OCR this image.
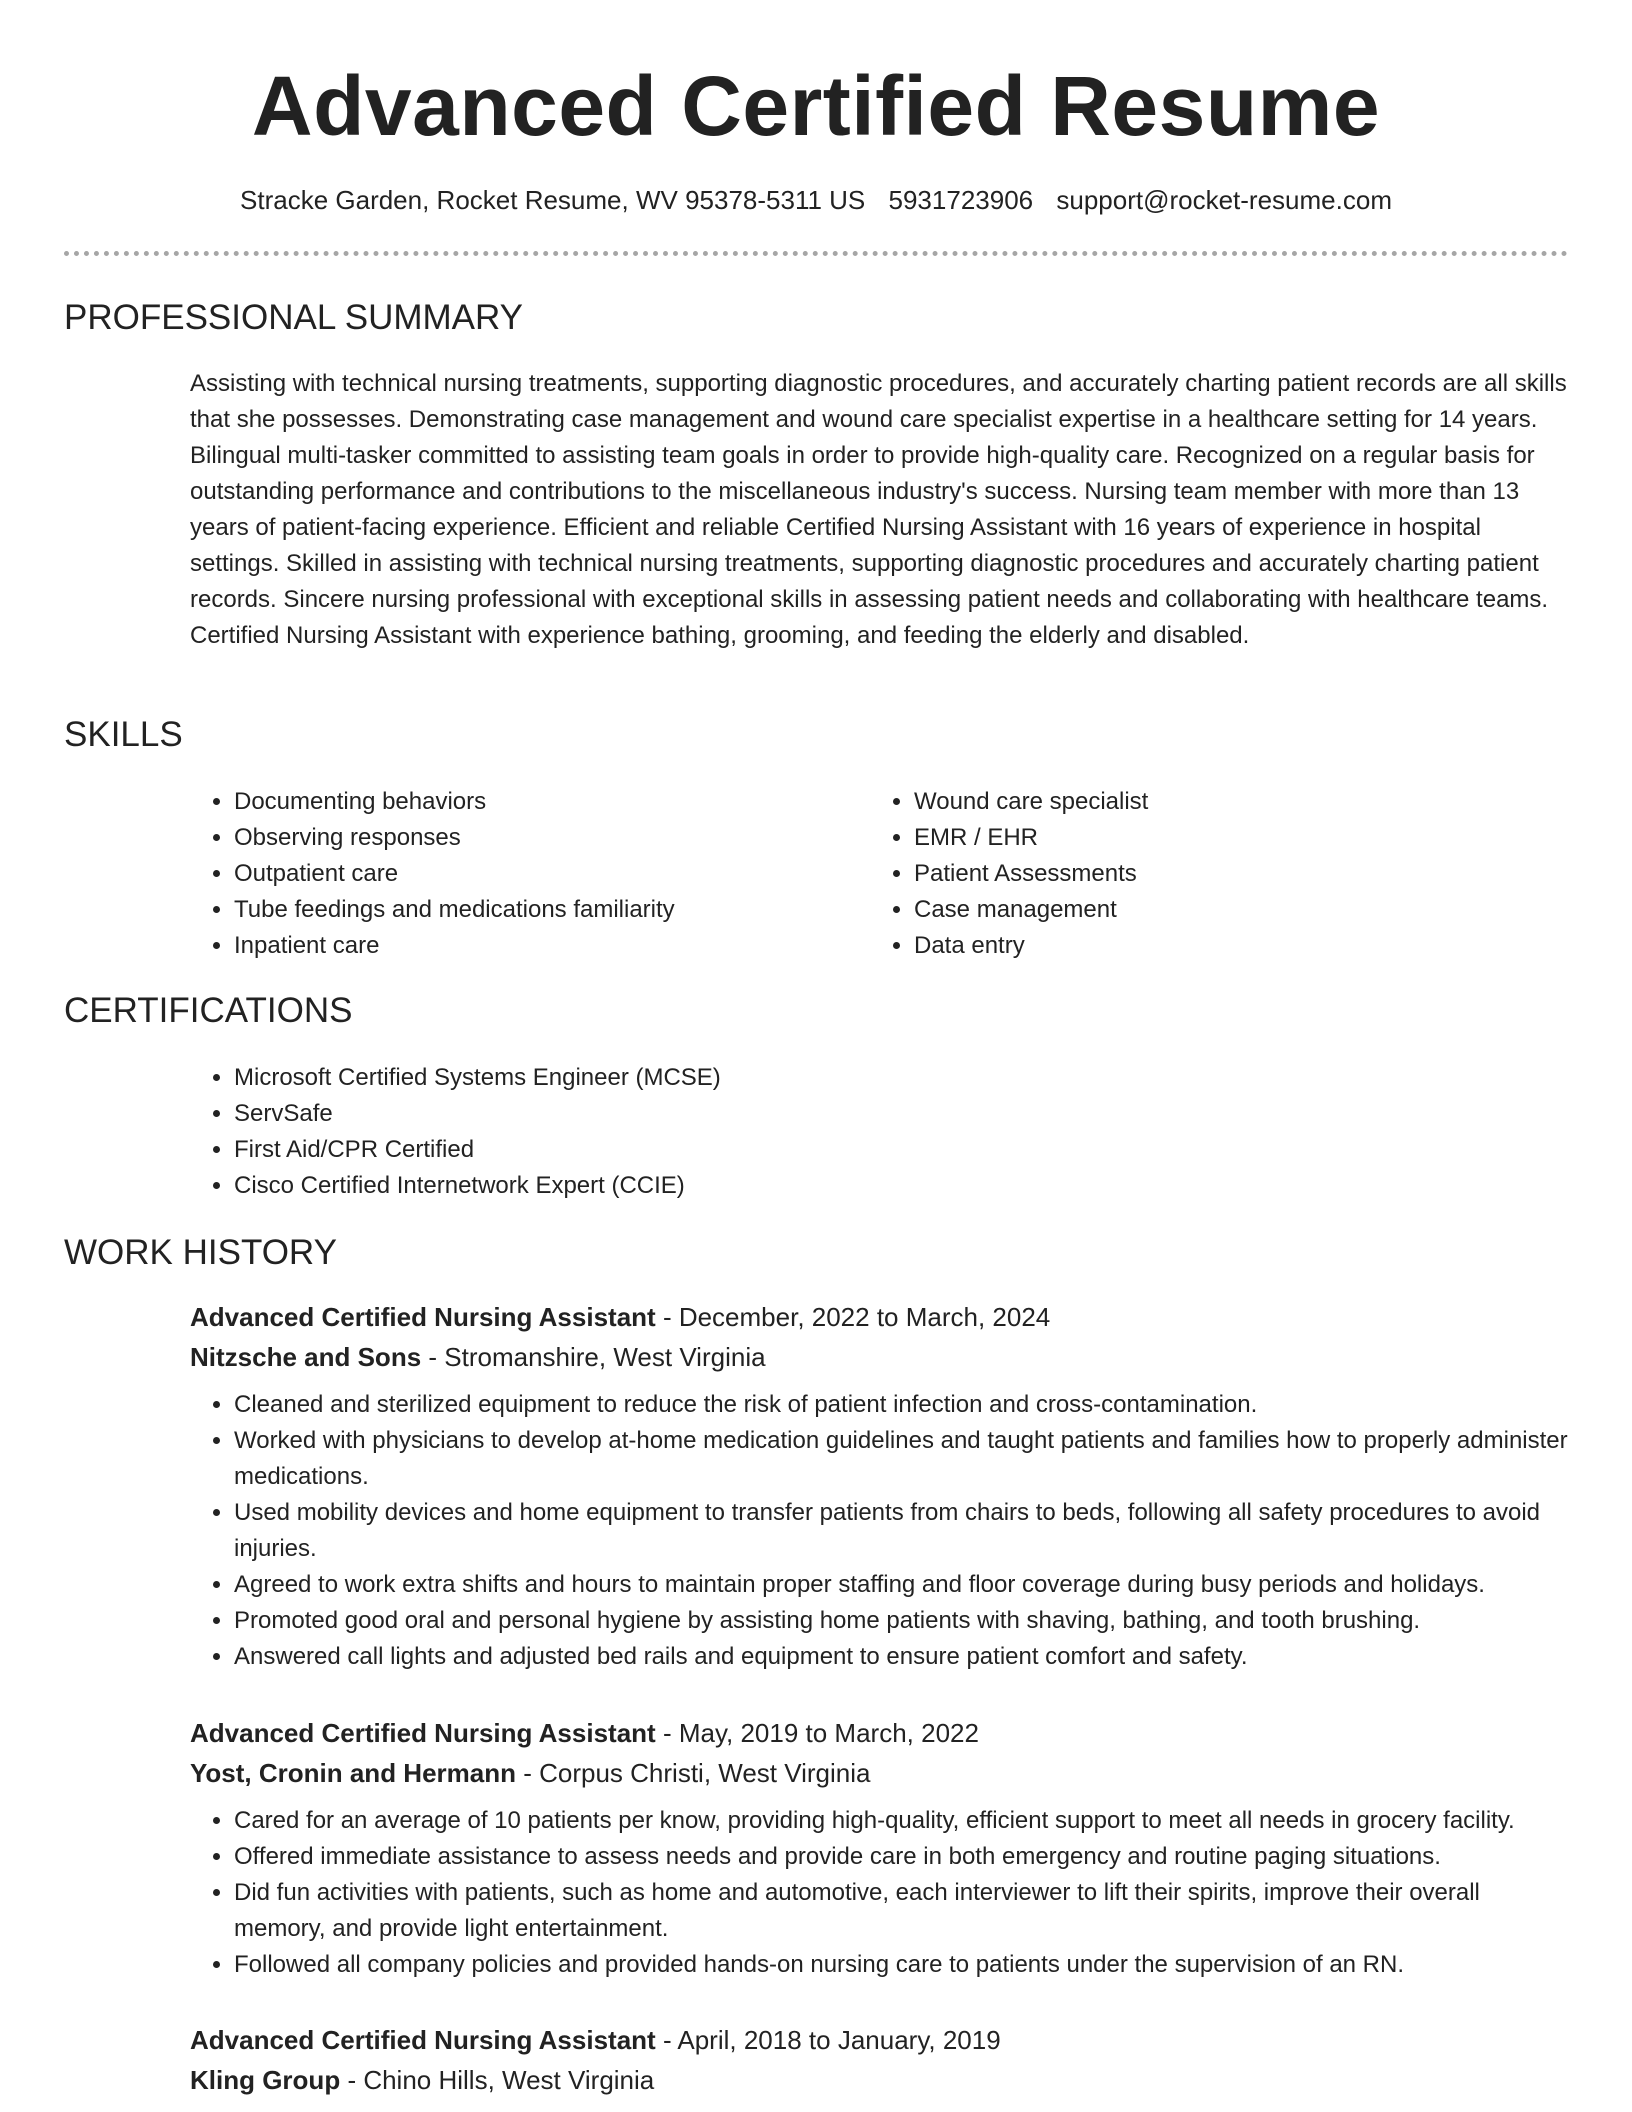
Advanced Certified Resume
Stracke Garden, Rocket Resume, WV 95378-5311 US 5931723906 support@rocket-resume.com
PROFESSIONAL SUMMARY

Assisting with technical nursing treatments, supporting diagnostic procedures, and accurately charting patient records are all skills that she possesses. Demonstrating case management and wound care specialist expertise in a healthcare setting for 14 years. Bilingual multi-tasker committed to assisting team goals in order to provide high-quality care. Recognized on a regular basis for outstanding performance and contributions to the miscellaneous industry's success. Nursing team member with more than 13 years of patient-facing experience. Efficient and reliable Certified Nursing Assistant with 16 years of experience in hospital settings. Skilled in assisting with technical nursing treatments, supporting diagnostic procedures and accurately charting patient records. Sincere nursing professional with exceptional skills in assessing patient needs and collaborating with healthcare teams. Certified Nursing Assistant with experience bathing, grooming, and feeding the elderly and disabled.

SKILLS
• Documenting behaviors
• Observing responses
• Outpatient care
• Tube feedings and medications familiarity
• Inpatient care
• Wound care specialist
• EMR / EHR
• Patient Assessments
• Case management
• Data entry
CERTIFICATIONS
• Microsoft Certified Systems Engineer (MCSE)
• ServSafe
• First Aid/CPR Certified
• Cisco Certified Internetwork Expert (CCIE)
WORK HISTORY

Advanced Certified Nursing Assistant - December, 2022 to March, 2024

Nitzsche and Sons - Stromanshire, West Virginia

• Cleaned and sterilized equipment to reduce the risk of patient infection and cross-contamination.
• Worked with physicians to develop at-home medication guidelines and taught patients and families how to properly administer medications.
• Used mobility devices and home equipment to transfer patients from chairs to beds, following all safety procedures to avoid injuries.
• Agreed to work extra shifts and hours to maintain proper staffing and floor coverage during busy periods and holidays.
• Promoted good oral and personal hygiene by assisting home patients with shaving, bathing, and tooth brushing.
• Answered call lights and adjusted bed rails and equipment to ensure patient comfort and safety.

Advanced Certified Nursing Assistant - May, 2019 to March, 2022

Yost, Cronin and Hermann - Corpus Christi, West Virginia

• Cared for an average of 10 patients per know, providing high-quality, efficient support to meet all needs in grocery facility.
• Offered immediate assistance to assess needs and provide care in both emergency and routine paging situations.
• Did fun activities with patients, such as home and automotive, each interviewer to lift their spirits, improve their overall memory, and provide light entertainment.
• Followed all company policies and provided hands-on nursing care to patients under the supervision of an RN.

Advanced Certified Nursing Assistant - April, 2018 to January, 2019

Kling Group - Chino Hills, West Virginia
